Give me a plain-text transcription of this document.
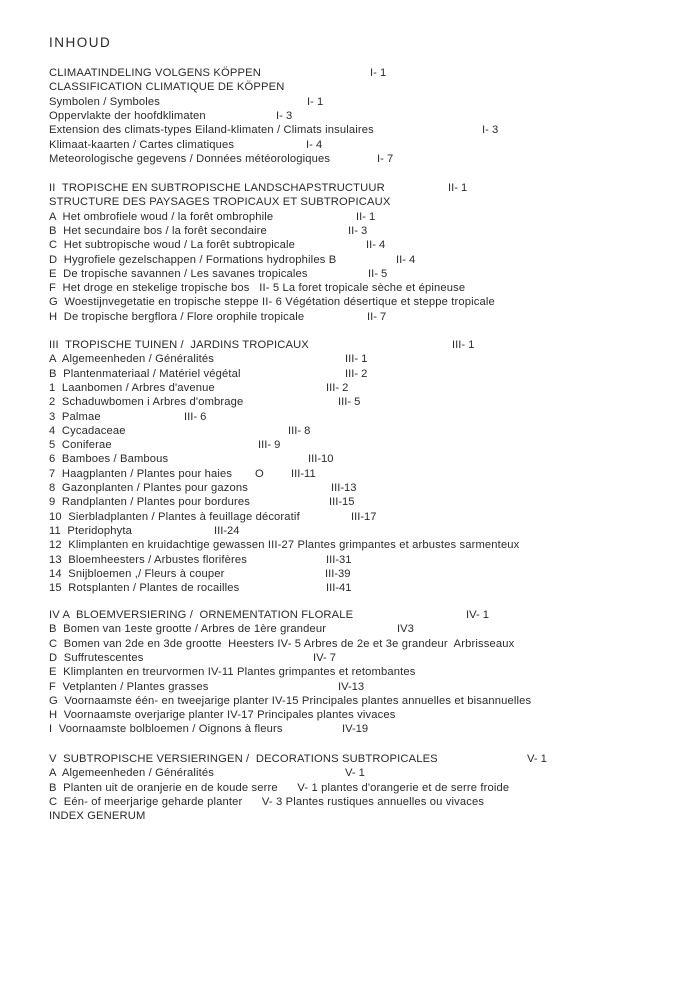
INHOUD
CLIMAATINDELING VOLGENS KÖPPEN	I- 1
CLASSIFICATION CLIMATIQUE DE KÖPPEN
Symbolen / Symboles	I- 1
Oppervlakte der hoofdklimaten	I- 3
Extension des climats-types Eiland-klimaten / Climats insulaires	I- 3
Klimaat-kaarten / Cartes climatiques	I- 4
Meteorologische gegevens / Données météorologiques	I- 7
II  TROPISCHE EN SUBTROPISCHE LANDSCHAPSTRUCTUUR	II- 1
STRUCTURE DES PAYSAGES TROPICAUX ET SUBTROPICAUX
A  Het ombrofiele woud / la forêt ombrophile	II- 1
B  Het secundaire bos / la forêt secondaire	II- 3
C  Het subtropische woud / La forêt subtropicale	II- 4
D  Hygrofiele gezelschappen / Formations hydrophiles B	II- 4
E  De tropische savannen / Les savanes tropicales	II- 5
F  Het droge en stekelige tropische bos   II- 5 La foret tropicale sèche et épineuse
G  Woestijnvegetatie en tropische steppe II- 6 Végétation désertique et steppe tropicale
H  De tropische bergflora / Flore orophile tropicale	II- 7
III  TROPISCHE TUINEN /  JARDINS TROPICAUX	III- 1
A  Algemeenheden / Généralités	III- 1
B  Plantenmateriaal / Matériel végétal	III- 2
1  Laanbomen / Arbres d'avenue	III- 2
2  Schaduwbomen i Arbres d'ombrage	III- 5
3  Palmae	III- 6
4  Cycadaceae	III- 8
5  Coniferae	III- 9
6  Bamboes / Bambous	III-10
7  Haagplanten / Plantes pour haies       O III-11
8  Gazonplanten / Plantes pour gazons	III-13
9  Randplanten / Plantes pour bordures	III-15
10  Sierbladplanten / Plantes à feuillage décoratif	III-17
11  Pteridophyta	III-24
12  Klimplanten en kruidachtige gewassen III-27 Plantes grimpantes et arbustes sarmenteux
13  Bloemheesters / Arbustes florifères	III-31
14  Snijbloemen ,/ Fleurs à couper	III-39
15  Rotsplanten / Plantes de rocailles	III-41
IV A  BLOEMVERSIERING /  ORNEMENTATION FLORALE	IV- 1
B  Bomen van 1este grootte / Arbres de 1ère grandeur	IV3
C  Bomen van 2de en 3de grootte  Heesters IV- 5 Arbres de 2e et 3e grandeur  Arbrisseaux
D  Suffrutescentes	IV- 7
E  Klimplanten en treurvormen IV-11 Plantes grimpantes et retombantes
F  Vetplanten / Plantes grasses	IV-13
G  Voornaamste één- en tweejarige planter IV-15 Principales plantes annuelles et bisannuelles
H  Voornaamste overjarige planter IV-17 Principales plantes vivaces
I  Voornaamste bolbloemen / Oignons à fleurs	IV-19
V  SUBTROPISCHE VERSIERINGEN /  DECORATIONS SUBTROPICALES	V- 1
A  Algemeenheden / Généralités	V- 1
B  Planten uit de oranjerie en de koude serre      V- 1 plantes d'orangerie et de serre froide
C  Eén- of meerjarige geharde planter      V- 3 Plantes rustiques annuelles ou vivaces
INDEX GENERUM
